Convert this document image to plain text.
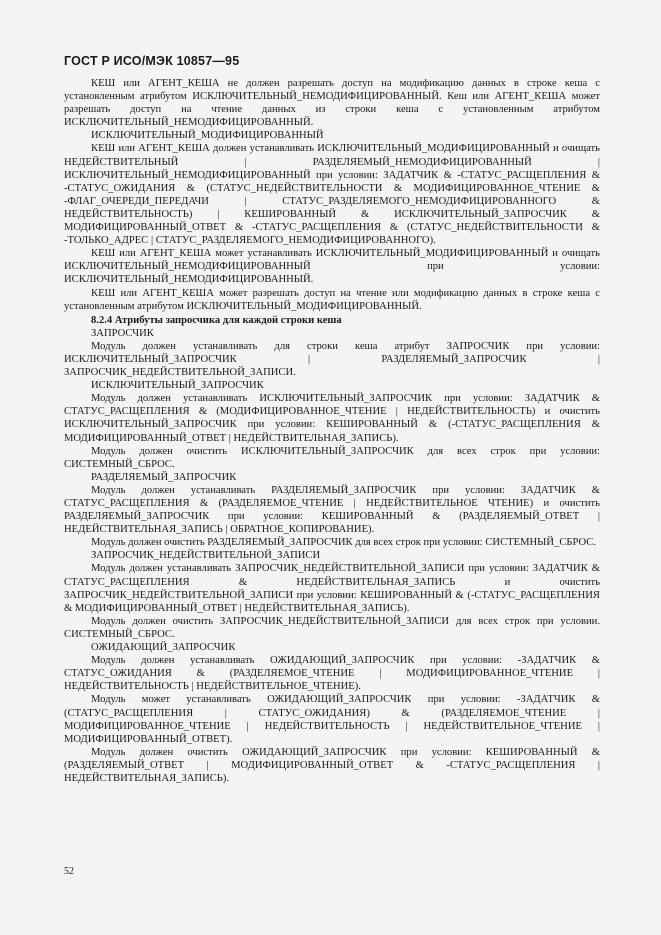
ГОСТ Р ИСО/МЭК 10857—95

КЕШ или АГЕНТ_КЕША не должен разрешать доступ на модификацию данных в строке кеша с установленным атрибутом ИСКЛЮЧИТЕЛЬНЫЙ_НЕМОДИФИЦИРОВАННЫЙ. Кеш или АГЕНТ_КЕША может разрешать доступ на чтение данных из строки кеша с установленным атрибутом ИСКЛЮЧИТЕЛЬНЫЙ_НЕМОДИФИЦИРОВАННЫЙ.

ИСКЛЮЧИТЕЛЬНЫЙ_МОДИФИЦИРОВАННЫЙ

КЕШ или АГЕНТ_КЕША должен устанавливать ИСКЛЮЧИТЕЛЬНЫЙ_МОДИФИЦИРОВАННЫЙ и очищать НЕДЕЙСТВИТЕЛЬНЫЙ | РАЗДЕЛЯЕМЫЙ_НЕМОДИФИЦИРОВАННЫЙ | ИСКЛЮЧИТЕЛЬНЫЙ_НЕМОДИФИЦИРОВАННЫЙ при условии: ЗАДАТЧИК & -СТАТУС_РАСЩЕПЛЕНИЯ & -СТАТУС_ОЖИДАНИЯ & (СТАТУС_НЕДЕЙСТВИТЕЛЬНОСТИ & МОДИФИЦИРОВАННОЕ_ЧТЕНИЕ & -ФЛАГ_ОЧЕРЕДИ_ПЕРЕДАЧИ | СТАТУС_РАЗДЕЛЯЕМОГО_НЕМОДИФИЦИРОВАННОГО & НЕДЕЙСТВИТЕЛЬНОСТЬ) | КЕШИРОВАННЫЙ & ИСКЛЮЧИТЕЛЬНЫЙ_ЗАПРОСЧИК & МОДИФИЦИРОВАННЫЙ_ОТВЕТ & -СТАТУС_РАСЩЕПЛЕНИЯ & (СТАТУС_НЕДЕЙСТВИТЕЛЬНОСТИ & -ТОЛЬКО_АДРЕС | СТАТУС_РАЗДЕЛЯЕМОГО_НЕМОДИФИЦИРОВАННОГО).

КЕШ или АГЕНТ_КЕША может устанавливать ИСКЛЮЧИТЕЛЬНЫЙ_МОДИФИЦИРОВАННЫЙ и очищать ИСКЛЮЧИТЕЛЬНЫЙ_НЕМОДИФИЦИРОВАННЫЙ при условии: ИСКЛЮЧИТЕЛЬНЫЙ_НЕМОДИФИЦИРОВАННЫЙ.

КЕШ или АГЕНТ_КЕША может разрешать доступ на чтение или модификацию данных в строке кеша с установленным атрибутом ИСКЛЮЧИТЕЛЬНЫЙ_МОДИФИЦИРОВАННЫЙ.

8.2.4 Атрибуты запросчика для каждой строки кеша

ЗАПРОСЧИК

Модуль должен устанавливать для строки кеша атрибут ЗАПРОСЧИК при условии: ИСКЛЮЧИТЕЛЬНЫЙ_ЗАПРОСЧИК | РАЗДЕЛЯЕМЫЙ_ЗАПРОСЧИК | ЗАПРОСЧИК_НЕДЕЙСТВИТЕЛЬНОЙ_ЗАПИСИ.

ИСКЛЮЧИТЕЛЬНЫЙ_ЗАПРОСЧИК

Модуль должен устанавливать ИСКЛЮЧИТЕЛЬНЫЙ_ЗАПРОСЧИК при условии: ЗАДАТЧИК & СТАТУС_РАСЩЕПЛЕНИЯ & (МОДИФИЦИРОВАННОЕ_ЧТЕНИЕ | НЕДЕЙСТВИТЕЛЬНОСТЬ) и очистить ИСКЛЮЧИТЕЛЬНЫЙ_ЗАПРОСЧИК при условии: КЕШИРОВАННЫЙ & (-СТАТУС_РАСЩЕПЛЕНИЯ & МОДИФИЦИРОВАННЫЙ_ОТВЕТ | НЕДЕЙСТВИТЕЛЬНАЯ_ЗАПИСЬ).

Модуль должен очистить ИСКЛЮЧИТЕЛЬНЫЙ_ЗАПРОСЧИК для всех строк при условии: СИСТЕМНЫЙ_СБРОС.

РАЗДЕЛЯЕМЫЙ_ЗАПРОСЧИК

Модуль должен устанавливать РАЗДЕЛЯЕМЫЙ_ЗАПРОСЧИК при условии: ЗАДАТЧИК & СТАТУС_РАСЩЕПЛЕНИЯ & (РАЗДЕЛЯЕМОЕ_ЧТЕНИЕ | НЕДЕЙСТВИТЕЛЬНОЕ ЧТЕНИЕ) и очистить РАЗДЕЛЯЕМЫЙ_ЗАПРОСЧИК при условии: КЕШИРОВАННЫЙ & (РАЗДЕЛЯЕМЫЙ_ОТВЕТ | НЕДЕЙСТВИТЕЛЬНАЯ_ЗАПИСЬ | ОБРАТНОЕ_КОПИРОВАНИЕ).

Модуль должен очистить РАЗДЕЛЯЕМЫЙ_ЗАПРОСЧИК для всех строк при условии: СИСТЕМНЫЙ_СБРОС.

ЗАПРОСЧИК_НЕДЕЙСТВИТЕЛЬНОЙ_ЗАПИСИ

Модуль должен устанавливать ЗАПРОСЧИК_НЕДЕЙСТВИТЕЛЬНОЙ_ЗАПИСИ при условии: ЗАДАТЧИК & СТАТУС_РАСЩЕПЛЕНИЯ & НЕДЕЙСТВИТЕЛЬНАЯ_ЗАПИСЬ и очистить ЗАПРОСЧИК_НЕДЕЙСТВИТЕЛЬНОЙ_ЗАПИСИ при условии: КЕШИРОВАННЫЙ & (-СТАТУС_РАСЩЕПЛЕНИЯ & МОДИФИЦИРОВАННЫЙ_ОТВЕТ | НЕДЕЙСТВИТЕЛЬНАЯ_ЗАПИСЬ).

Модуль должен очистить ЗАПРОСЧИК_НЕДЕЙСТВИТЕЛЬНОЙ_ЗАПИСИ для всех строк при условии. СИСТЕМНЫЙ_СБРОС.

ОЖИДАЮЩИЙ_ЗАПРОСЧИК

Модуль должен устанавливать ОЖИДАЮЩИЙ_ЗАПРОСЧИК при условии: -ЗАДАТЧИК & СТАТУС_ОЖИДАНИЯ & (РАЗДЕЛЯЕМОЕ_ЧТЕНИЕ | МОДИФИЦИРОВАННОЕ_ЧТЕНИЕ | НЕДЕЙСТВИТЕЛЬНОСТЬ | НЕДЕЙСТВИТЕЛЬНОЕ_ЧТЕНИЕ).

Модуль может устанавливать ОЖИДАЮЩИЙ_ЗАПРОСЧИК при условии: -ЗАДАТЧИК & (СТАТУС_РАСЩЕПЛЕНИЯ | СТАТУС_ОЖИДАНИЯ) & (РАЗДЕЛЯЕМОЕ_ЧТЕНИЕ | МОДИФИЦИРОВАННОЕ_ЧТЕНИЕ | НЕДЕЙСТВИТЕЛЬНОСТЬ | НЕДЕЙСТВИТЕЛЬНОЕ_ЧТЕНИЕ | МОДИФИЦИРОВАННЫЙ_ОТВЕТ).

Модуль должен очистить ОЖИДАЮЩИЙ_ЗАПРОСЧИК при условии: КЕШИРОВАННЫЙ & (РАЗДЕЛЯЕМЫЙ_ОТВЕТ | МОДИФИЦИРОВАННЫЙ_ОТВЕТ & -СТАТУС_РАСЩЕПЛЕНИЯ | НЕДЕЙСТВИТЕЛЬНАЯ_ЗАПИСЬ).

52
